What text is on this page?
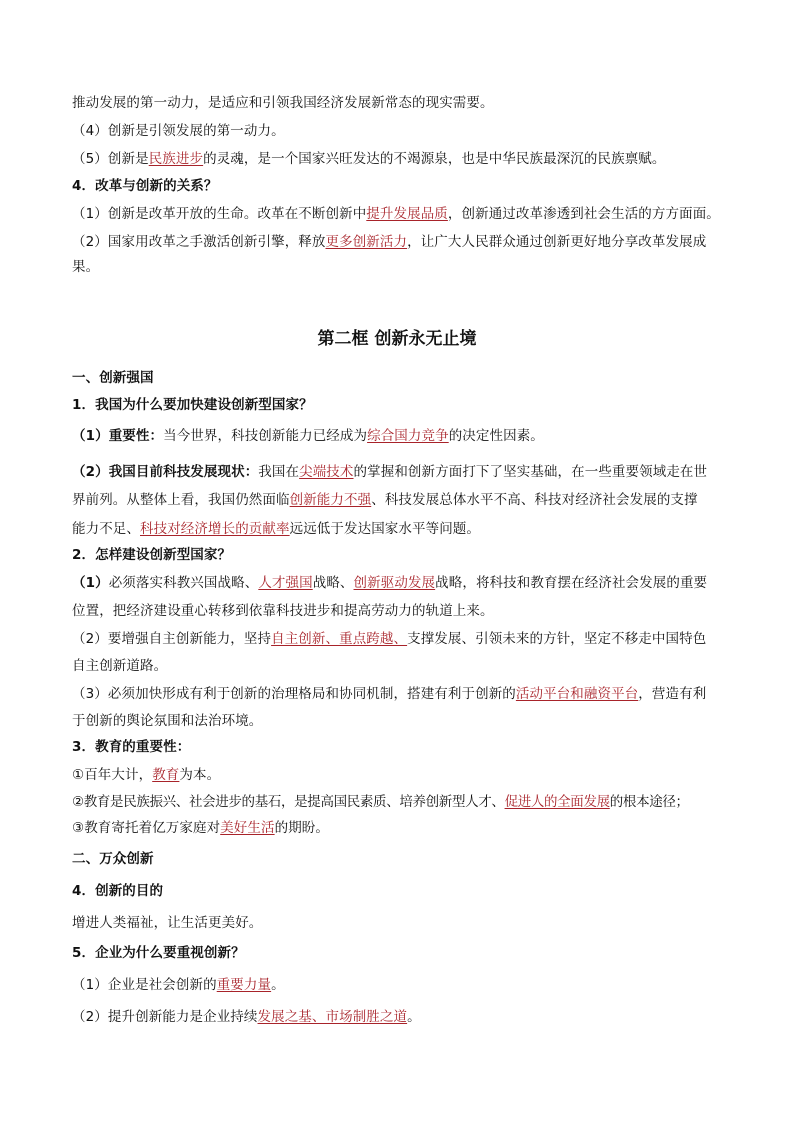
推动发展的第一动力，是适应和引领我国经济发展新常态的现实需要。
（4）创新是引领发展的第一动力。
（5）创新是民族进步的灵魂，是一个国家兴旺发达的不竭源泉，也是中华民族最深沉的民族禀赋。
4．改革与创新的关系？
（1）创新是改革开放的生命。改革在不断创新中提升发展品质，创新通过改革渗透到社会生活的方方面面。
（2）国家用改革之手激活创新引擎，释放更多创新活力，让广大人民群众通过创新更好地分享改革发展成
果。
第二框 创新永无止境
一、创新强国
1．我国为什么要加快建设创新型国家？
（1）重要性：当今世界，科技创新能力已经成为综合国力竞争的决定性因素。
（2）我国目前科技发展现状：我国在尖端技术的掌握和创新方面打下了坚实基础，在一些重要领域走在世
界前列。从整体上看，我国仍然面临创新能力不强、科技发展总体水平不高、科技对经济社会发展的支撑
能力不足、科技对经济增长的贡献率远远低于发达国家水平等问题。
2．怎样建设创新型国家？
（1）必须落实科教兴国战略、人才强国战略、创新驱动发展战略，将科技和教育摆在经济社会发展的重要
位置，把经济建设重心转移到依靠科技进步和提高劳动力的轨道上来。
（2）要增强自主创新能力，坚持自主创新、重点跨越、支撑发展、引领未来的方针，坚定不移走中国特色
自主创新道路。
（3）必须加快形成有利于创新的治理格局和协同机制，搭建有利于创新的活动平台和融资平台，营造有利
于创新的舆论氛围和法治环境。
3．教育的重要性：
①百年大计，教育为本。
②教育是民族振兴、社会进步的基石，是提高国民素质、培养创新型人才、促进人的全面发展的根本途径；
③教育寄托着亿万家庭对美好生活的期盼。
二、万众创新
4．创新的目的
增进人类福祉，让生活更美好。
5．企业为什么要重视创新？
（1）企业是社会创新的重要力量。
（2）提升创新能力是企业持续发展之基、市场制胜之道。
